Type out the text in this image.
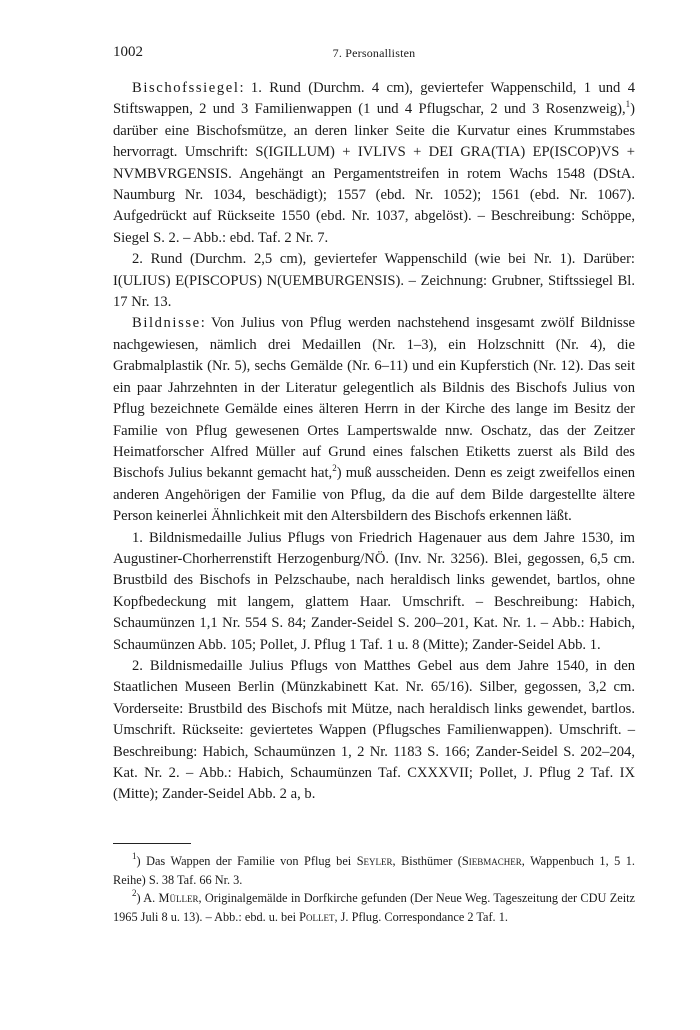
1002	7. Personallisten

Bischofssiegel: 1. Rund (Durchm. 4 cm), geviertefer Wappenschild, 1 und 4 Stiftswappen, 2 und 3 Familienwappen (1 und 4 Pflugschar, 2 und 3 Rosenzweig),$^1$) darüber eine Bischofsmütze, an deren linker Seite die Kurvatur eines Krummstabes hervorragt. Umschrift: S(IGILLUM) + IVLIVS + DEI GRA(TIA) EP(ISCOP)VS + NVMBVRGENSIS. Angehängt an Pergamentstreifen in rotem Wachs 1548 (DStA. Naumburg Nr. 1034, beschädigt); 1557 (ebd. Nr. 1052); 1561 (ebd. Nr. 1067). Aufgedrückt auf Rückseite 1550 (ebd. Nr. 1037, abgelöst). – Beschreibung: Schöppe, Siegel S. 2. – Abb.: ebd. Taf. 2 Nr. 7.

2. Rund (Durchm. 2,5 cm), geviertefer Wappenschild (wie bei Nr. 1). Darüber: I(ULIUS) E(PISCOPUS) N(UEMBURGENSIS). – Zeichnung: Grubner, Stiftssiegel Bl. 17 Nr. 13.

Bildnisse: Von Julius von Pflug werden nachstehend insgesamt zwölf Bildnisse nachgewiesen, nämlich drei Medaillen (Nr. 1–3), ein Holzschnitt (Nr. 4), die Grabmalplastik (Nr. 5), sechs Gemälde (Nr. 6–11) und ein Kupferstich (Nr. 12). Das seit ein paar Jahrzehnten in der Literatur gelegentlich als Bildnis des Bischofs Julius von Pflug bezeichnete Gemälde eines älteren Herrn in der Kirche des lange im Besitz der Familie von Pflug gewesenen Ortes Lampertswalde nnw. Oschatz, das der Zeitzer Heimatforscher Alfred Müller auf Grund eines falschen Etiketts zuerst als Bild des Bischofs Julius bekannt gemacht hat,$^2$) muß ausscheiden. Denn es zeigt zweifellos einen anderen Angehörigen der Familie von Pflug, da die auf dem Bilde dargestellte ältere Person keinerlei Ähnlichkeit mit den Altersbildern des Bischofs erkennen läßt.

1. Bildnismedaille Julius Pflugs von Friedrich Hagenauer aus dem Jahre 1530, im Augustiner-Chorherrenstift Herzogenburg/NÖ. (Inv. Nr. 3256). Blei, gegossen, 6,5 cm. Brustbild des Bischofs in Pelzschaube, nach heraldisch links gewendet, bartlos, ohne Kopfbedeckung mit langem, glattem Haar. Umschrift. – Beschreibung: Habich, Schaumünzen 1,1 Nr. 554 S. 84; Zander-Seidel S. 200–201, Kat. Nr. 1. – Abb.: Habich, Schaumünzen Abb. 105; Pollet, J. Pflug 1 Taf. 1 u. 8 (Mitte); Zander-Seidel Abb. 1.

2. Bildnismedaille Julius Pflugs von Matthes Gebel aus dem Jahre 1540, in den Staatlichen Museen Berlin (Münzkabinett Kat. Nr. 65/16). Silber, gegossen, 3,2 cm. Vorderseite: Brustbild des Bischofs mit Mütze, nach heraldisch links gewendet, bartlos. Umschrift. Rückseite: geviertetes Wappen (Pflugsches Familienwappen). Umschrift. – Beschreibung: Habich, Schaumünzen 1, 2 Nr. 1183 S. 166; Zander-Seidel S. 202–204, Kat. Nr. 2. – Abb.: Habich, Schaumünzen Taf. CXXXVII; Pollet, J. Pflug 2 Taf. IX (Mitte); Zander-Seidel Abb. 2 a, b.

$^1$) Das Wappen der Familie von Pflug bei Seyler, Bisthümer (Siebmacher, Wappenbuch 1, 5 1. Reihe) S. 38 Taf. 66 Nr. 3.

$^2$) A. Müller, Originalgemälde in Dorfkirche gefunden (Der Neue Weg. Tageszeitung der CDU Zeitz 1965 Juli 8 u. 13). – Abb.: ebd. u. bei Pollet, J. Pflug. Correspondance 2 Taf. 1.
